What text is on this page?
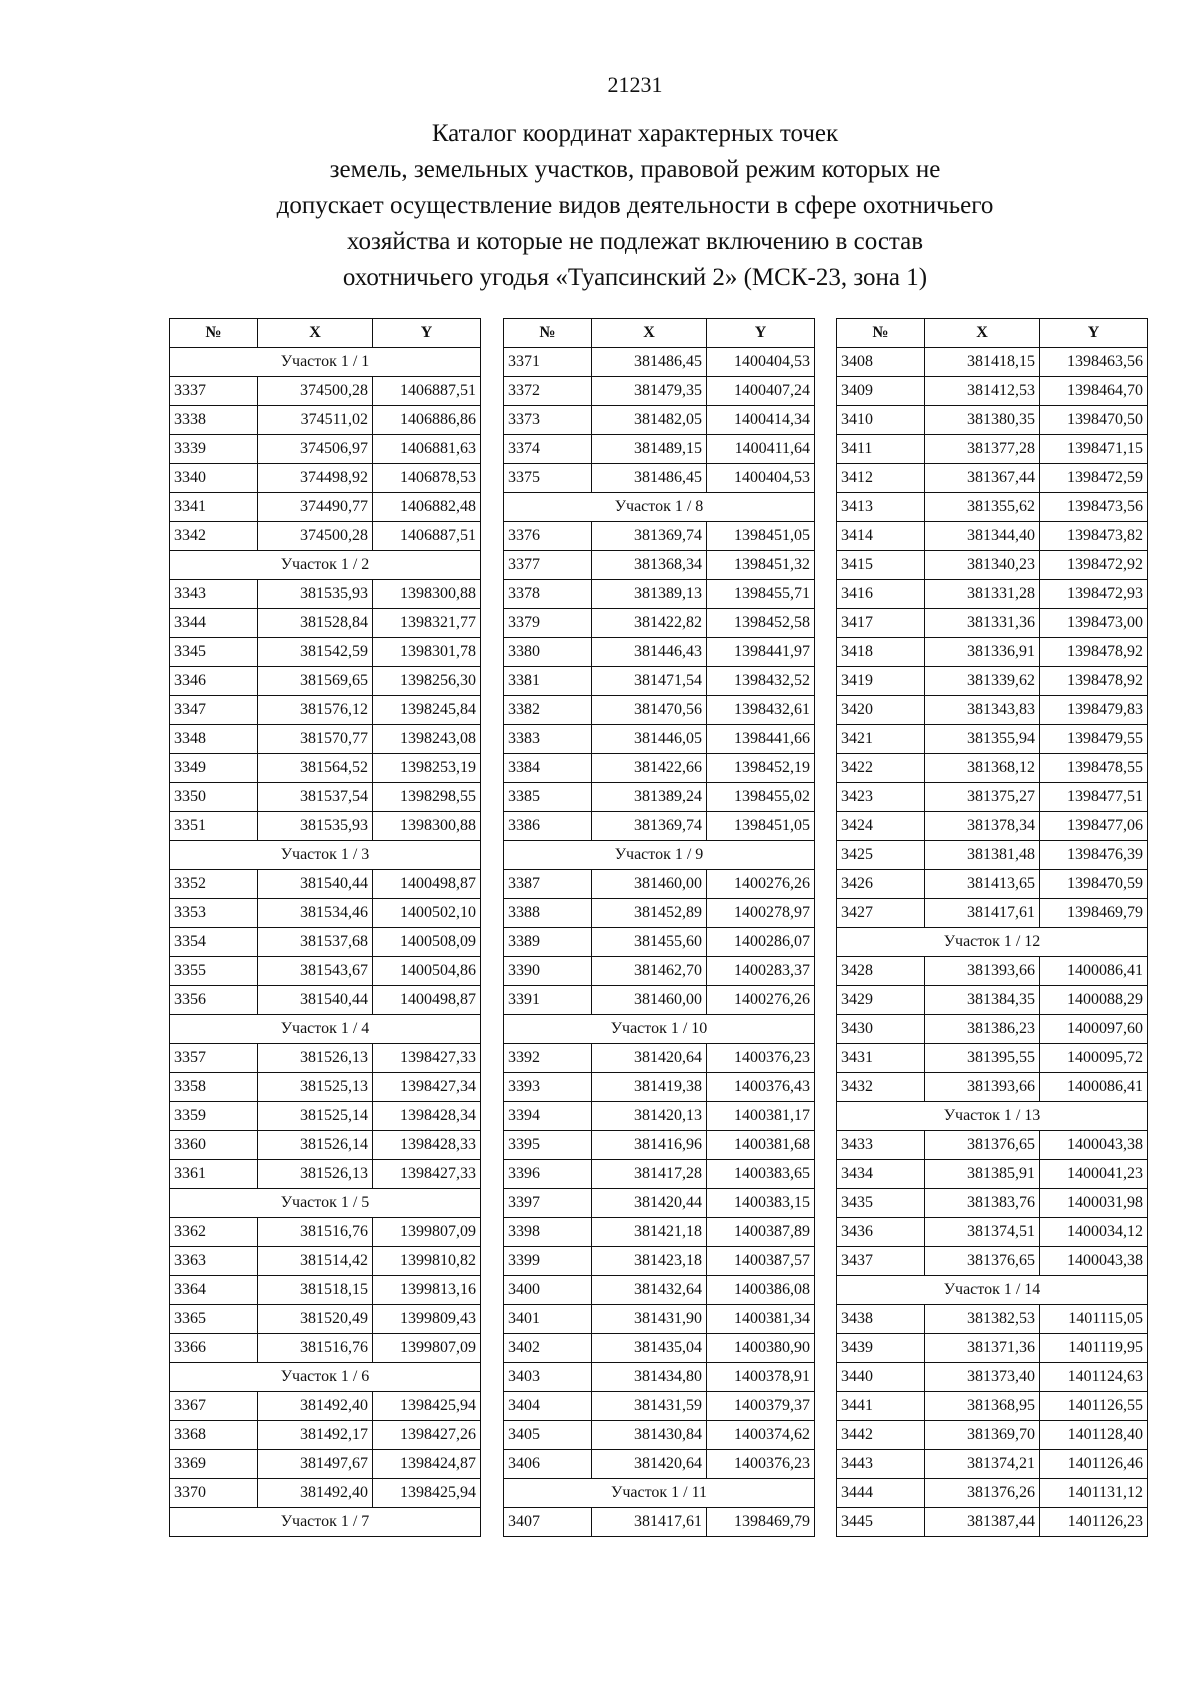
21231
Каталог координат характерных точек
земель, земельных участков, правовой режим которых не
допускает осуществление видов деятельности в сфере охотничьего
хозяйства и которые не подлежат включению в состав
охотничьего угодья «Туапсинский 2» (МСК-23, зона 1)
№	X	Y
Участок 1 / 1		
3337	374500,28	1406887,51
3338	374511,02	1406886,86
3339	374506,97	1406881,63
3340	374498,92	1406878,53
3341	374490,77	1406882,48
3342	374500,28	1406887,51
Участок 1 / 2		
3343	381535,93	1398300,88
3344	381528,84	1398321,77
3345	381542,59	1398301,78
3346	381569,65	1398256,30
3347	381576,12	1398245,84
3348	381570,77	1398243,08
3349	381564,52	1398253,19
3350	381537,54	1398298,55
3351	381535,93	1398300,88
Участок 1 / 3		
3352	381540,44	1400498,87
3353	381534,46	1400502,10
3354	381537,68	1400508,09
3355	381543,67	1400504,86
3356	381540,44	1400498,87
Участок 1 / 4		
3357	381526,13	1398427,33
3358	381525,13	1398427,34
3359	381525,14	1398428,34
3360	381526,14	1398428,33
3361	381526,13	1398427,33
Участок 1 / 5		
3362	381516,76	1399807,09
3363	381514,42	1399810,82
3364	381518,15	1399813,16
3365	381520,49	1399809,43
3366	381516,76	1399807,09
Участок 1 / 6		
3367	381492,40	1398425,94
3368	381492,17	1398427,26
3369	381497,67	1398424,87
3370	381492,40	1398425,94
Участок 1 / 7		
№	X	Y
3371	381486,45	1400404,53
3372	381479,35	1400407,24
3373	381482,05	1400414,34
3374	381489,15	1400411,64
3375	381486,45	1400404,53
Участок 1 / 8		
3376	381369,74	1398451,05
3377	381368,34	1398451,32
3378	381389,13	1398455,71
3379	381422,82	1398452,58
3380	381446,43	1398441,97
3381	381471,54	1398432,52
3382	381470,56	1398432,61
3383	381446,05	1398441,66
3384	381422,66	1398452,19
3385	381389,24	1398455,02
3386	381369,74	1398451,05
Участок 1 / 9		
3387	381460,00	1400276,26
3388	381452,89	1400278,97
3389	381455,60	1400286,07
3390	381462,70	1400283,37
3391	381460,00	1400276,26
Участок 1 / 10		
3392	381420,64	1400376,23
3393	381419,38	1400376,43
3394	381420,13	1400381,17
3395	381416,96	1400381,68
3396	381417,28	1400383,65
3397	381420,44	1400383,15
3398	381421,18	1400387,89
3399	381423,18	1400387,57
3400	381432,64	1400386,08
3401	381431,90	1400381,34
3402	381435,04	1400380,90
3403	381434,80	1400378,91
3404	381431,59	1400379,37
3405	381430,84	1400374,62
3406	381420,64	1400376,23
Участок 1 / 11		
3407	381417,61	1398469,79
№	X	Y
3408	381418,15	1398463,56
3409	381412,53	1398464,70
3410	381380,35	1398470,50
3411	381377,28	1398471,15
3412	381367,44	1398472,59
3413	381355,62	1398473,56
3414	381344,40	1398473,82
3415	381340,23	1398472,92
3416	381331,28	1398472,93
3417	381331,36	1398473,00
3418	381336,91	1398478,92
3419	381339,62	1398478,92
3420	381343,83	1398479,83
3421	381355,94	1398479,55
3422	381368,12	1398478,55
3423	381375,27	1398477,51
3424	381378,34	1398477,06
3425	381381,48	1398476,39
3426	381413,65	1398470,59
3427	381417,61	1398469,79
Участок 1 / 12		
3428	381393,66	1400086,41
3429	381384,35	1400088,29
3430	381386,23	1400097,60
3431	381395,55	1400095,72
3432	381393,66	1400086,41
Участок 1 / 13		
3433	381376,65	1400043,38
3434	381385,91	1400041,23
3435	381383,76	1400031,98
3436	381374,51	1400034,12
3437	381376,65	1400043,38
Участок 1 / 14		
3438	381382,53	1401115,05
3439	381371,36	1401119,95
3440	381373,40	1401124,63
3441	381368,95	1401126,55
3442	381369,70	1401128,40
3443	381374,21	1401126,46
3444	381376,26	1401131,12
3445	381387,44	1401126,23
